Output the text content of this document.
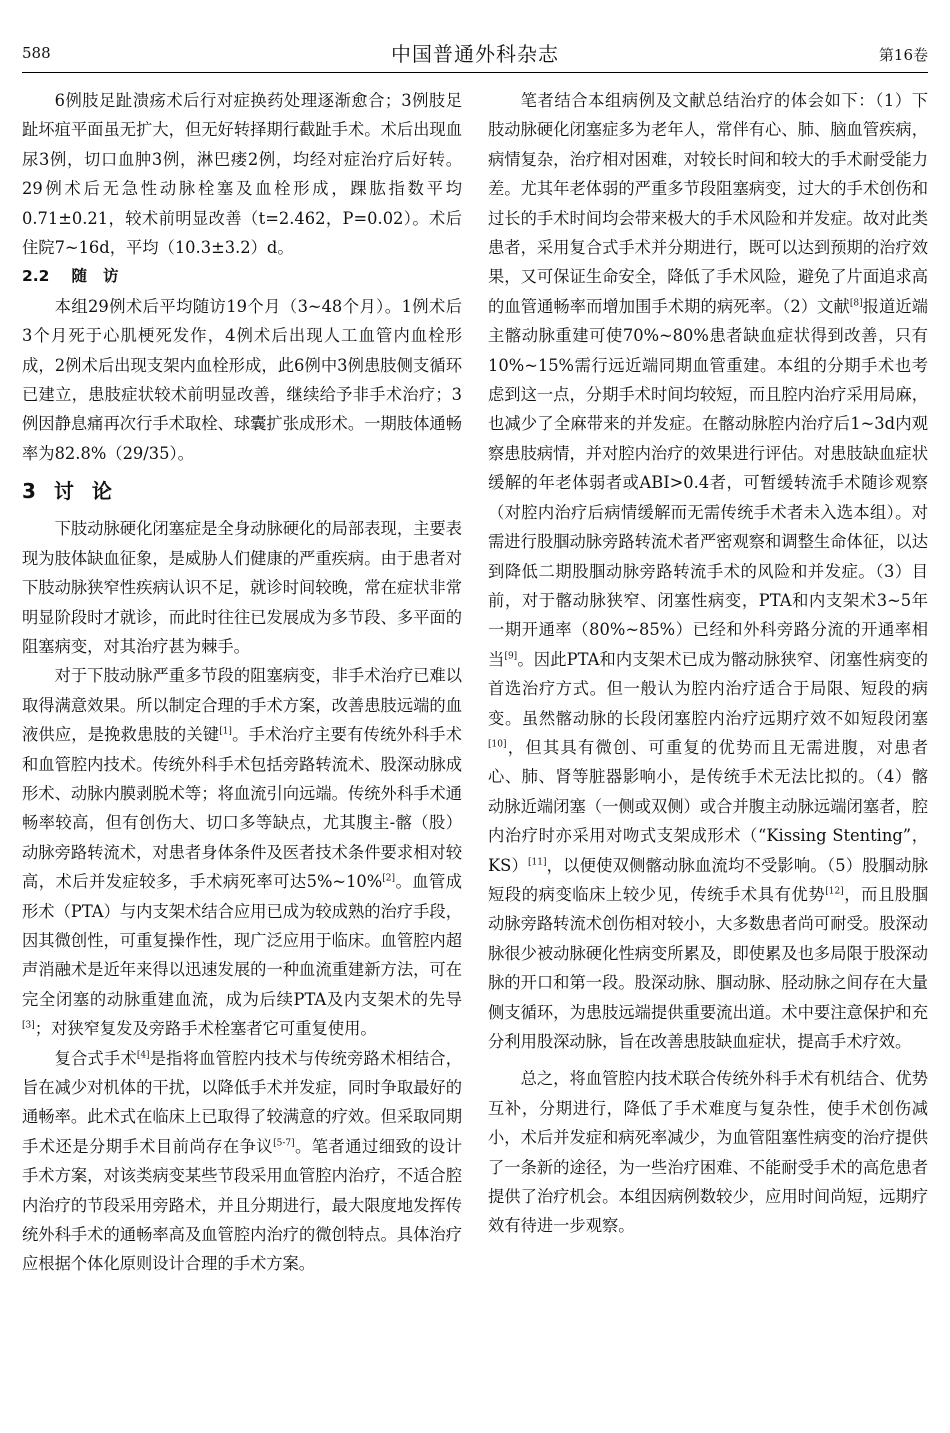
588	中国普通外科杂志	第16卷

6例肢足趾溃疡术后行对症换药处理逐渐愈合；3例肢足趾坏疽平面虽无扩大，但无好转择期行截趾手术。术后出现血尿3例，切口血肿3例，淋巴瘘2例，均经对症治疗后好转。29例术后无急性动脉栓塞及血栓形成，踝肱指数平均0.71±0.21，较术前明显改善（t=2.462，P=0.02）。术后住院7~16d，平均（10.3±3.2）d。

2.2 随访

本组29例术后平均随访19个月（3~48个月）。1例术后3个月死于心肌梗死发作，4例术后出现人工血管内血栓形成，2例术后出现支架内血栓形成，此6例中3例患肢侧支循环已建立，患肢症状较术前明显改善，继续给予非手术治疗；3例因静息痛再次行手术取栓、球囊扩张成形术。一期肢体通畅率为82.8%（29/35）。

3 讨论

下肢动脉硬化闭塞症是全身动脉硬化的局部表现，主要表现为肢体缺血征象，是威胁人们健康的严重疾病。由于患者对下肢动脉狭窄性疾病认识不足，就诊时间较晚，常在症状非常明显阶段时才就诊，而此时往往已发展成为多节段、多平面的阻塞病变，对其治疗甚为棘手。

对于下肢动脉严重多节段的阻塞病变，非手术治疗已难以取得满意效果。所以制定合理的手术方案，改善患肢远端的血液供应，是挽救患肢的关键[1]。手术治疗主要有传统外科手术和血管腔内技术。传统外科手术包括旁路转流术、股深动脉成形术、动脉内膜剥脱术等；将血流引向远端。传统外科手术通畅率较高，但有创伤大、切口多等缺点，尤其腹主-髂（股）动脉旁路转流术，对患者身体条件及医者技术条件要求相对较高，术后并发症较多，手术病死率可达5%~10%[2]。血管成形术（PTA）与内支架术结合应用已成为较成熟的治疗手段，因其微创性，可重复操作性，现广泛应用于临床。血管腔内超声消融术是近年来得以迅速发展的一种血流重建新方法，可在完全闭塞的动脉重建血流，成为后续PTA及内支架术的先导[3]；对狭窄复发及旁路手术栓塞者它可重复使用。

复合式手术[4]是指将血管腔内技术与传统旁路术相结合，旨在减少对机体的干扰，以降低手术并发症，同时争取最好的通畅率。此术式在临床上已取得了较满意的疗效。但采取同期手术还是分期手术目前尚存在争议[5-7]。笔者通过细致的设计手术方案，对该类病变某些节段采用血管腔内治疗，不适合腔内治疗的节段采用旁路术，并且分期进行，最大限度地发挥传统外科手术的通畅率高及血管腔内治疗的微创特点。具体治疗应根据个体化原则设计合理的手术方案。

笔者结合本组病例及文献总结治疗的体会如下：（1）下肢动脉硬化闭塞症多为老年人，常伴有心、肺、脑血管疾病，病情复杂，治疗相对困难，对较长时间和较大的手术耐受能力差。尤其年老体弱的严重多节段阻塞病变，过大的手术创伤和过长的手术时间均会带来极大的手术风险和并发症。故对此类患者，采用复合式手术并分期进行，既可以达到预期的治疗效果，又可保证生命安全，降低了手术风险，避免了片面追求高的血管通畅率而增加围手术期的病死率。（2）文献[8]报道近端主髂动脉重建可使70%~80%患者缺血症状得到改善，只有10%~15%需行远近端同期血管重建。本组的分期手术也考虑到这一点，分期手术时间均较短，而且腔内治疗采用局麻，也减少了全麻带来的并发症。在髂动脉腔内治疗后1~3d内观察患肢病情，并对腔内治疗的效果进行评估。对患肢缺血症状缓解的年老体弱者或ABI>0.4者，可暂缓转流手术随诊观察（对腔内治疗后病情缓解而无需传统手术者未入选本组）。对需进行股腘动脉旁路转流术者严密观察和调整生命体征，以达到降低二期股腘动脉旁路转流手术的风险和并发症。（3）目前，对于髂动脉狭窄、闭塞性病变，PTA和内支架术3~5年一期开通率（80%~85%）已经和外科旁路分流的开通率相当[9]。因此PTA和内支架术已成为髂动脉狭窄、闭塞性病变的首选治疗方式。但一般认为腔内治疗适合于局限、短段的病变。虽然髂动脉的长段闭塞腔内治疗远期疗效不如短段闭塞[10]，但其具有微创、可重复的优势而且无需进腹，对患者心、肺、肾等脏器影响小，是传统手术无法比拟的。（4）髂动脉近端闭塞（一侧或双侧）或合并腹主动脉远端闭塞者，腔内治疗时亦采用对吻式支架成形术（“Kissing Stenting”，KS）[11]，以便使双侧髂动脉血流均不受影响。（5）股腘动脉短段的病变临床上较少见，传统手术具有优势[12]，而且股腘动脉旁路转流术创伤相对较小，大多数患者尚可耐受。股深动脉很少被动脉硬化性病变所累及，即使累及也多局限于股深动脉的开口和第一段。股深动脉、腘动脉、胫动脉之间存在大量侧支循环，为患肢远端提供重要流出道。术中要注意保护和充分利用股深动脉，旨在改善患肢缺血症状，提高手术疗效。

总之，将血管腔内技术联合传统外科手术有机结合、优势互补，分期进行，降低了手术难度与复杂性，使手术创伤减小，术后并发症和病死率减少，为血管阻塞性病变的治疗提供了一条新的途径，为一些治疗困难、不能耐受手术的高危患者提供了治疗机会。本组因病例数较少，应用时间尚短，远期疗效有待进一步观察。
